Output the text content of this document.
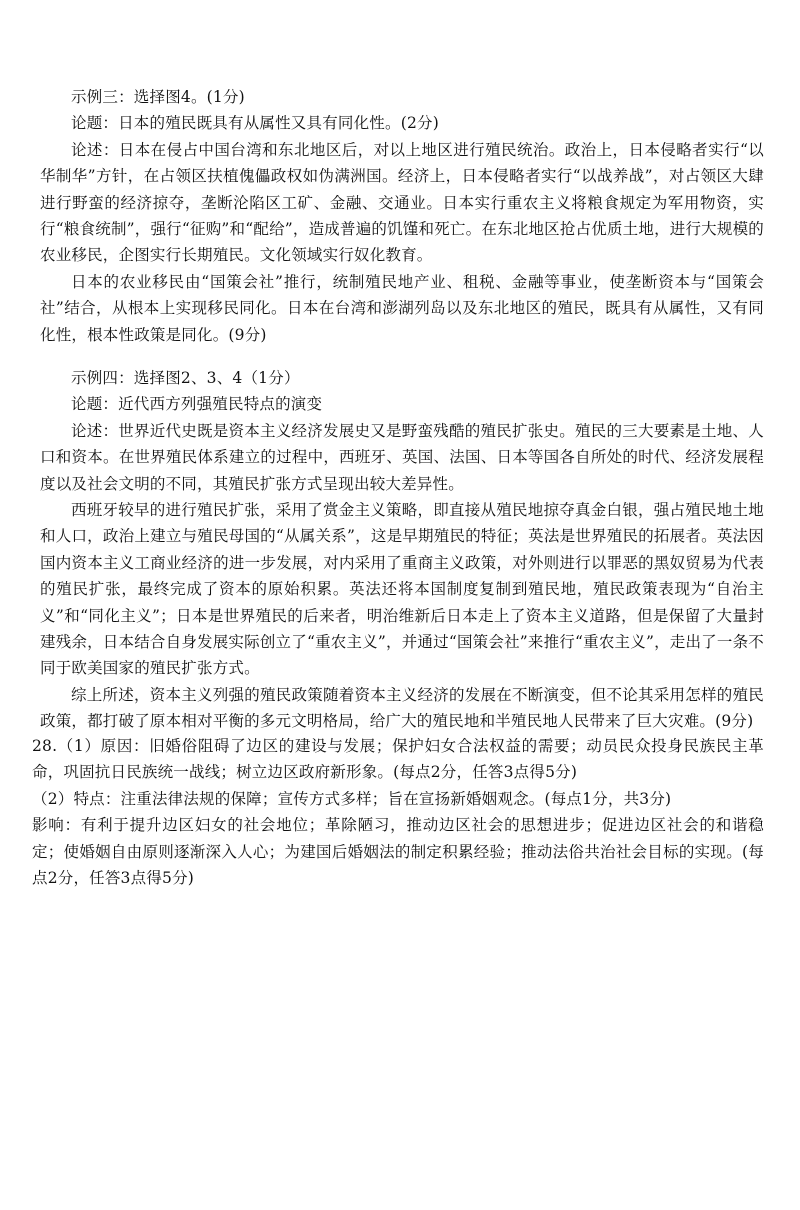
示例三：选择图4。(1分)

论题：日本的殖民既具有从属性又具有同化性。(2分)

论述：日本在侵占中国台湾和东北地区后，对以上地区进行殖民统治。政治上，日本侵略者实行“以华制华”方针，在占领区扶植傀儡政权如伪满洲国。经济上，日本侵略者实行“以战养战”，对占领区大肆进行野蛮的经济掠夺，垄断沦陷区工矿、金融、交通业。日本实行重农主义将粮食规定为军用物资，实行“粮食统制”，强行“征购”和“配给”，造成普遍的饥馑和死亡。在东北地区抢占优质土地，进行大规模的农业移民，企图实行长期殖民。文化领域实行奴化教育。

日本的农业移民由“国策会社”推行，统制殖民地产业、租税、金融等事业，使垄断资本与“国策会社”结合，从根本上实现移民同化。日本在台湾和澎湖列岛以及东北地区的殖民，既具有从属性，又有同化性，根本性政策是同化。(9分)

示例四：选择图2、3、4（1分）

论题：近代西方列强殖民特点的演变

论述：世界近代史既是资本主义经济发展史又是野蛮残酷的殖民扩张史。殖民的三大要素是土地、人口和资本。在世界殖民体系建立的过程中，西班牙、英国、法国、日本等国各自所处的时代、经济发展程度以及社会文明的不同，其殖民扩张方式呈现出较大差异性。

西班牙较早的进行殖民扩张，采用了赏金主义策略，即直接从殖民地掠夺真金白银，强占殖民地土地和人口，政治上建立与殖民母国的“从属关系”，这是早期殖民的特征；英法是世界殖民的拓展者。英法因国内资本主义工商业经济的进一步发展，对内采用了重商主义政策，对外则进行以罪恶的黑奴贸易为代表的殖民扩张，最终完成了资本的原始积累。英法还将本国制度复制到殖民地，殖民政策表现为“自治主义”和“同化主义”；日本是世界殖民的后来者，明治维新后日本走上了资本主义道路，但是保留了大量封建残余，日本结合自身发展实际创立了“重农主义”，并通过“国策会社”来推行“重农主义”，走出了一条不同于欧美国家的殖民扩张方式。

综上所述，资本主义列强的殖民政策随着资本主义经济的发展在不断演变，但不论其采用怎样的殖民政策，都打破了原本相对平衡的多元文明格局，给广大的殖民地和半殖民地人民带来了巨大灾难。(9分)

28.（1）原因：旧婚俗阻碍了边区的建设与发展；保护妇女合法权益的需要；动员民众投身民族民主革命，巩固抗日民族统一战线；树立边区政府新形象。(每点2分，任答3点得5分)

（2）特点：注重法律法规的保障；宣传方式多样；旨在宣扬新婚姻观念。(每点1分，共3分)

影响：有利于提升边区妇女的社会地位；革除陋习，推动边区社会的思想进步；促进边区社会的和谐稳定；使婚姻自由原则逐渐深入人心；为建国后婚姻法的制定积累经验；推动法俗共治社会目标的实现。(每点2分，任答3点得5分)
